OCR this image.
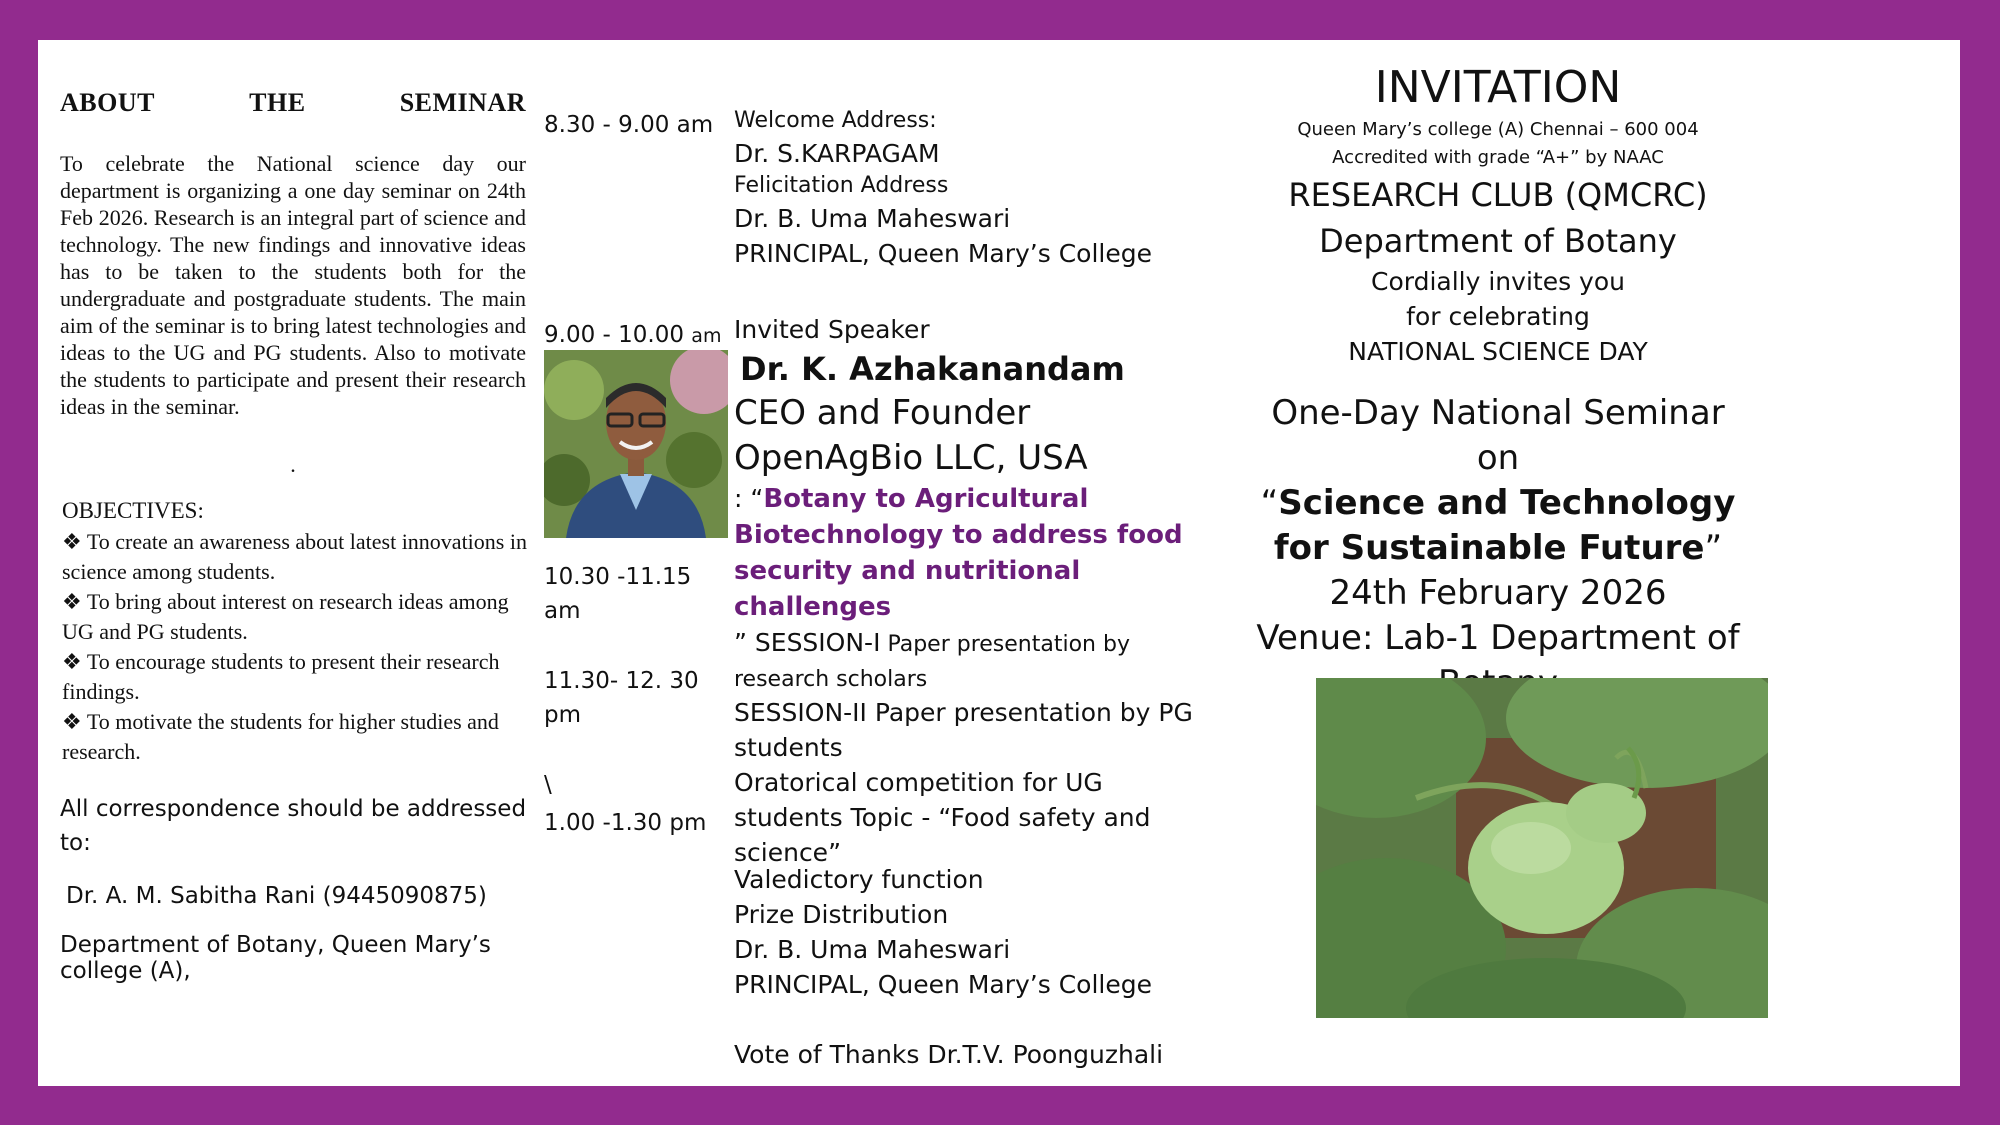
ABOUT	THE	SEMINAR
To celebrate the National science day our department is organizing a one day seminar on 24th Feb 2026. Research is an integral part of science and technology. The new findings and innovative ideas has to be taken to the students both for the undergraduate and postgraduate students. The main aim of the seminar is to bring latest technologies and ideas to the UG and PG students. Also to motivate the students to participate and present their research ideas in the seminar.
.
OBJECTIVES:
❖ To create an awareness about latest innovations in science among students.
❖ To bring about interest on research ideas among UG and PG students.
❖ To encourage students to present their research findings.
❖ To motivate the students for higher studies and research.
All correspondence should be addressed to:
Dr. A. M. Sabitha Rani (9445090875)
Department of Botany, Queen Mary’s college (A),
8.30 - 9.00 am
9.00 - 10.00 am
10.30 -11.15 am
11.30- 12. 30 pm
\
1.00 -1.30 pm
Welcome Address:
Dr. S.KARPAGAM
Felicitation Address
Dr. B. Uma Maheswari
PRINCIPAL, Queen Mary’s College
Invited Speaker
Dr. K. Azhakanandam
CEO and Founder
OpenAgBio LLC, USA
: “Botany to Agricultural Biotechnology to address food security and nutritional challenges
” SESSION-I Paper presentation by research scholars
SESSION-II Paper presentation by PG students
Oratorical competition for UG students Topic - “Food safety and science”
Valedictory function
Prize Distribution
Dr. B. Uma Maheswari
PRINCIPAL, Queen Mary’s College
Vote of Thanks Dr.T.V. Poonguzhali
INVITATION
Queen Mary’s college (A) Chennai – 600 004
Accredited with grade “A+” by NAAC
RESEARCH CLUB (QMCRC)
Department of Botany
Cordially invites you
for celebrating
NATIONAL SCIENCE DAY
One-Day National Seminar
on
“Science and Technology
for Sustainable Future”
24th February 2026
Venue: Lab-1 Department of
